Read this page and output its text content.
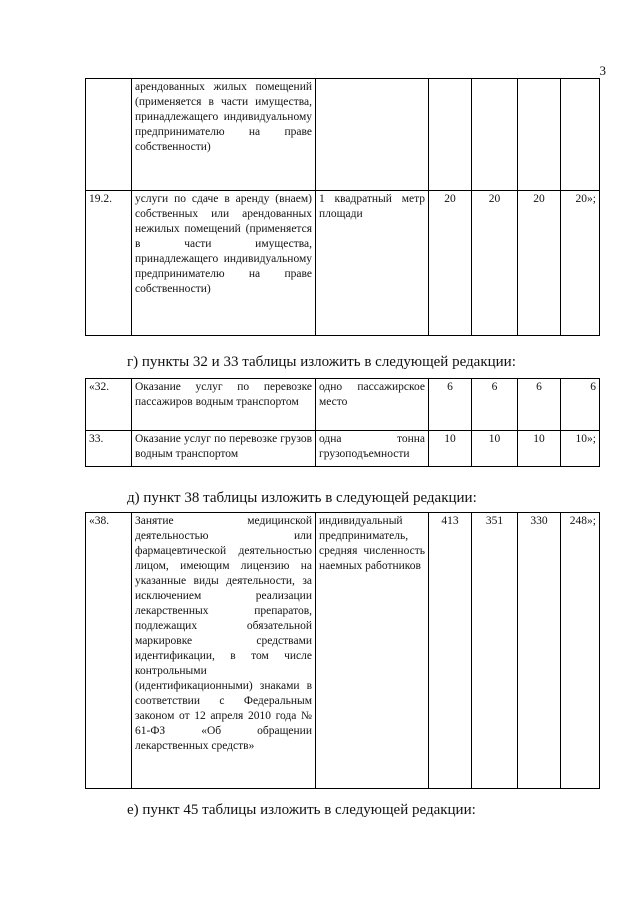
3
	арендованных жилых помещений (применяется в части имущества, принадлежащего индивидуальному предпринимателю на праве собственности)					
19.2.	услуги по сдаче в аренду (внаем) собственных или арендованных нежилых помещений (применяется в части имущества, принадлежащего индивидуальному предпринимателю на праве собственности)	1 квадратный метр площади	20	20	20	20»;

г) пункты 32 и 33 таблицы изложить в следующей редакции:

«32.	Оказание услуг по перевозке пассажиров водным транспортом	одно пассажирское место	6	6	6	6
33.	Оказание услуг по перевозке грузов водным транспортом	одна тонна грузоподъемности	10	10	10	10»;

д) пункт 38 таблицы изложить в следующей редакции:

«38.	Занятие медицинской деятельностью или фармацевтической деятельностью лицом, имеющим лицензию на указанные виды деятельности, за исключением реализации лекарственных препаратов, подлежащих обязательной маркировке средствами идентификации, в том числе контрольными (идентификационными) знаками в соответствии с Федеральным законом от 12 апреля 2010 года № 61-ФЗ «Об обращении лекарственных средств»	индивидуальный предприниматель, средняя численность наемных работников	413	351	330	248»;

е) пункт 45 таблицы изложить в следующей редакции:
